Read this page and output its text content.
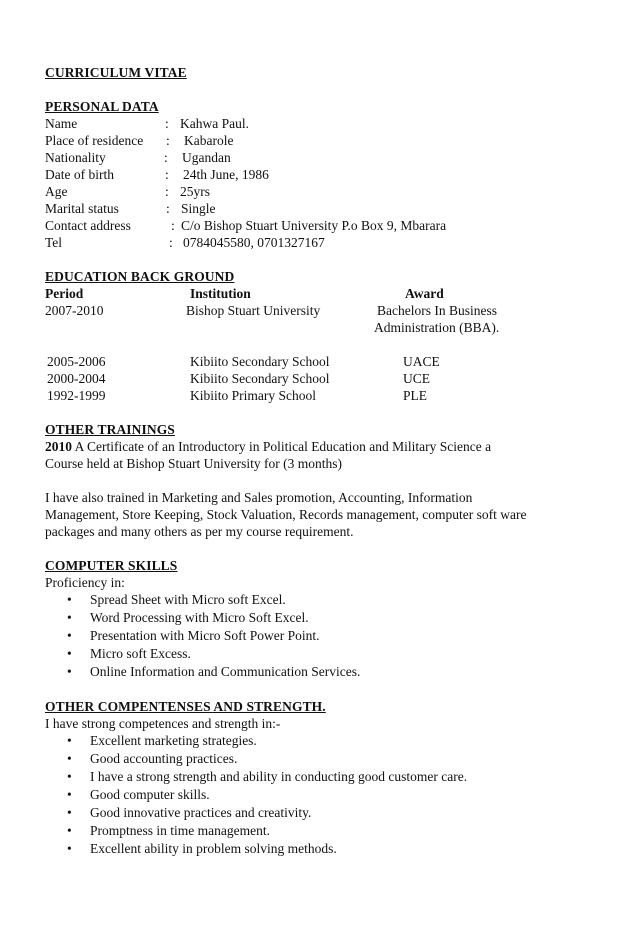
CURRICULUM VITAE
PERSONAL DATA
Name	: Kahwa Paul.
Place of residence : Kabarole
Nationality	: Ugandan
Date of birth	: 24th June, 1986
Age	: 25yrs
Marital status	: Single
Contact address	: C/o Bishop Stuart University P.o Box 9, Mbarara
Tel	: 0784045580, 0701327167
EDUCATION BACK GROUND
Period	Institution	Award
2007-2010	Bishop Stuart University	Bachelors In Business
Administration (BBA).
2005-2006	Kibiito Secondary School	UACE
2000-2004	Kibiito Secondary School	UCE
1992-1999	Kibiito Primary School	PLE
OTHER TRAININGS

2010 A Certificate of an Introductory in Political Education and Military Science a

Course held at Bishop Stuart University for (3 months)

I have also trained in Marketing and Sales promotion, Accounting, Information

Management, Store Keeping, Stock Valuation, Records management, computer soft ware

packages and many others as per my course requirement.

COMPUTER SKILLS

Proficiency in:

• Spread Sheet with Micro soft Excel.
• Word Processing with Micro Soft Excel.
• Presentation with Micro Soft Power Point.
• Micro soft Excess.
• Online Information and Communication Services.
OTHER COMPENTENSES AND STRENGTH.

I have strong competences and strength in:-

• Excellent marketing strategies.
• Good accounting practices.
• I have a strong strength and ability in conducting good customer care.
• Good computer skills.
• Good innovative practices and creativity.
• Promptness in time management.
• Excellent ability in problem solving methods.
